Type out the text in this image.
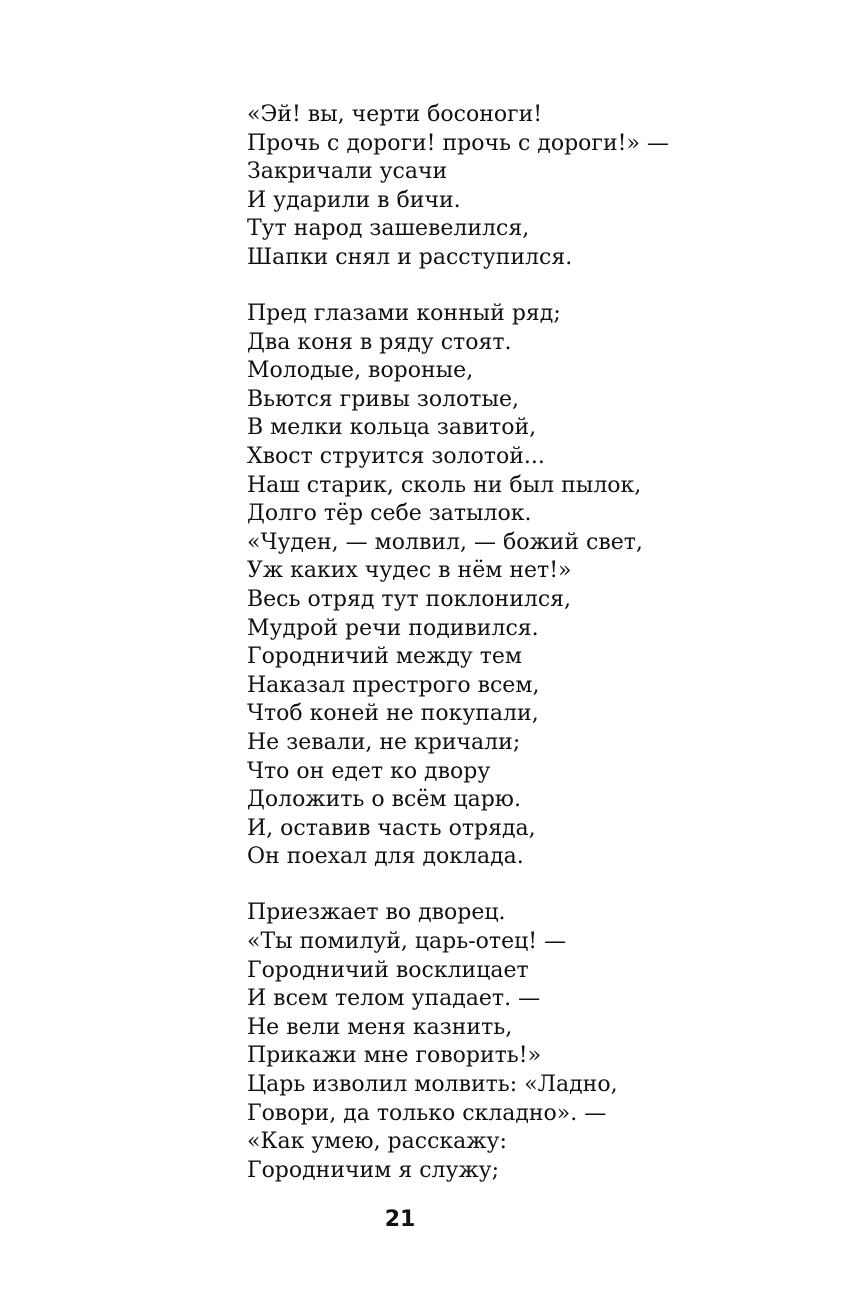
«Эй! вы, черти босоноги!
Прочь с дороги! прочь с дороги!» —
Закричали усачи
И ударили в бичи.
Тут народ зашевелился,
Шапки снял и расступился.
Пред глазами конный ряд;
Два коня в ряду стоят.
Молодые, вороные,
Вьются гривы золотые,
В мелки кольца завитой,
Хвост струится золотой...
Наш старик, сколь ни был пылок,
Долго тёр себе затылок.
«Чуден, — молвил, — божий свет,
Уж каких чудес в нём нет!»
Весь отряд тут поклонился,
Мудрой речи подивился.
Городничий между тем
Наказал престрого всем,
Чтоб коней не покупали,
Не зевали, не кричали;
Что он едет ко двору
Доложить о всём царю.
И, оставив часть отряда,
Он поехал для доклада.
Приезжает во дворец.
«Ты помилуй, царь-отец! —
Городничий восклицает
И всем телом упадает. —
Не вели меня казнить,
Прикажи мне говорить!»
Царь изволил молвить: «Ладно,
Говори, да только складно». —
«Как умею, расскажу:
Городничим я служу;
21
